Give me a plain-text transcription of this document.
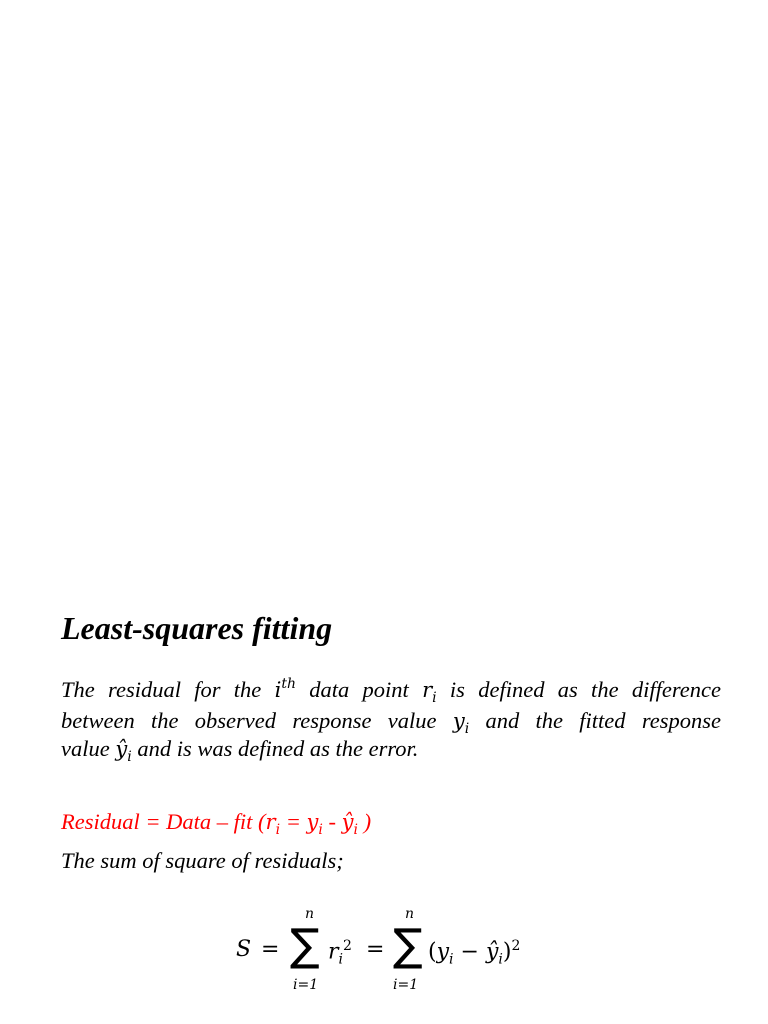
Least-squares fitting
The residual for the $i^{th}$ data point $r_i$ is defined as the difference
between the observed response value $y_i$ and the fitted response
value $ŷ_i$ and is was defined as the error.
Residual = Data – fit ($r_i = y_i$ - $ŷ_i$ )
The sum of square of residuals;
S =
n
∑
i=1
$r_i^2$ =
n
∑
i=1
($y_i$ − $ŷ_i)^2$
